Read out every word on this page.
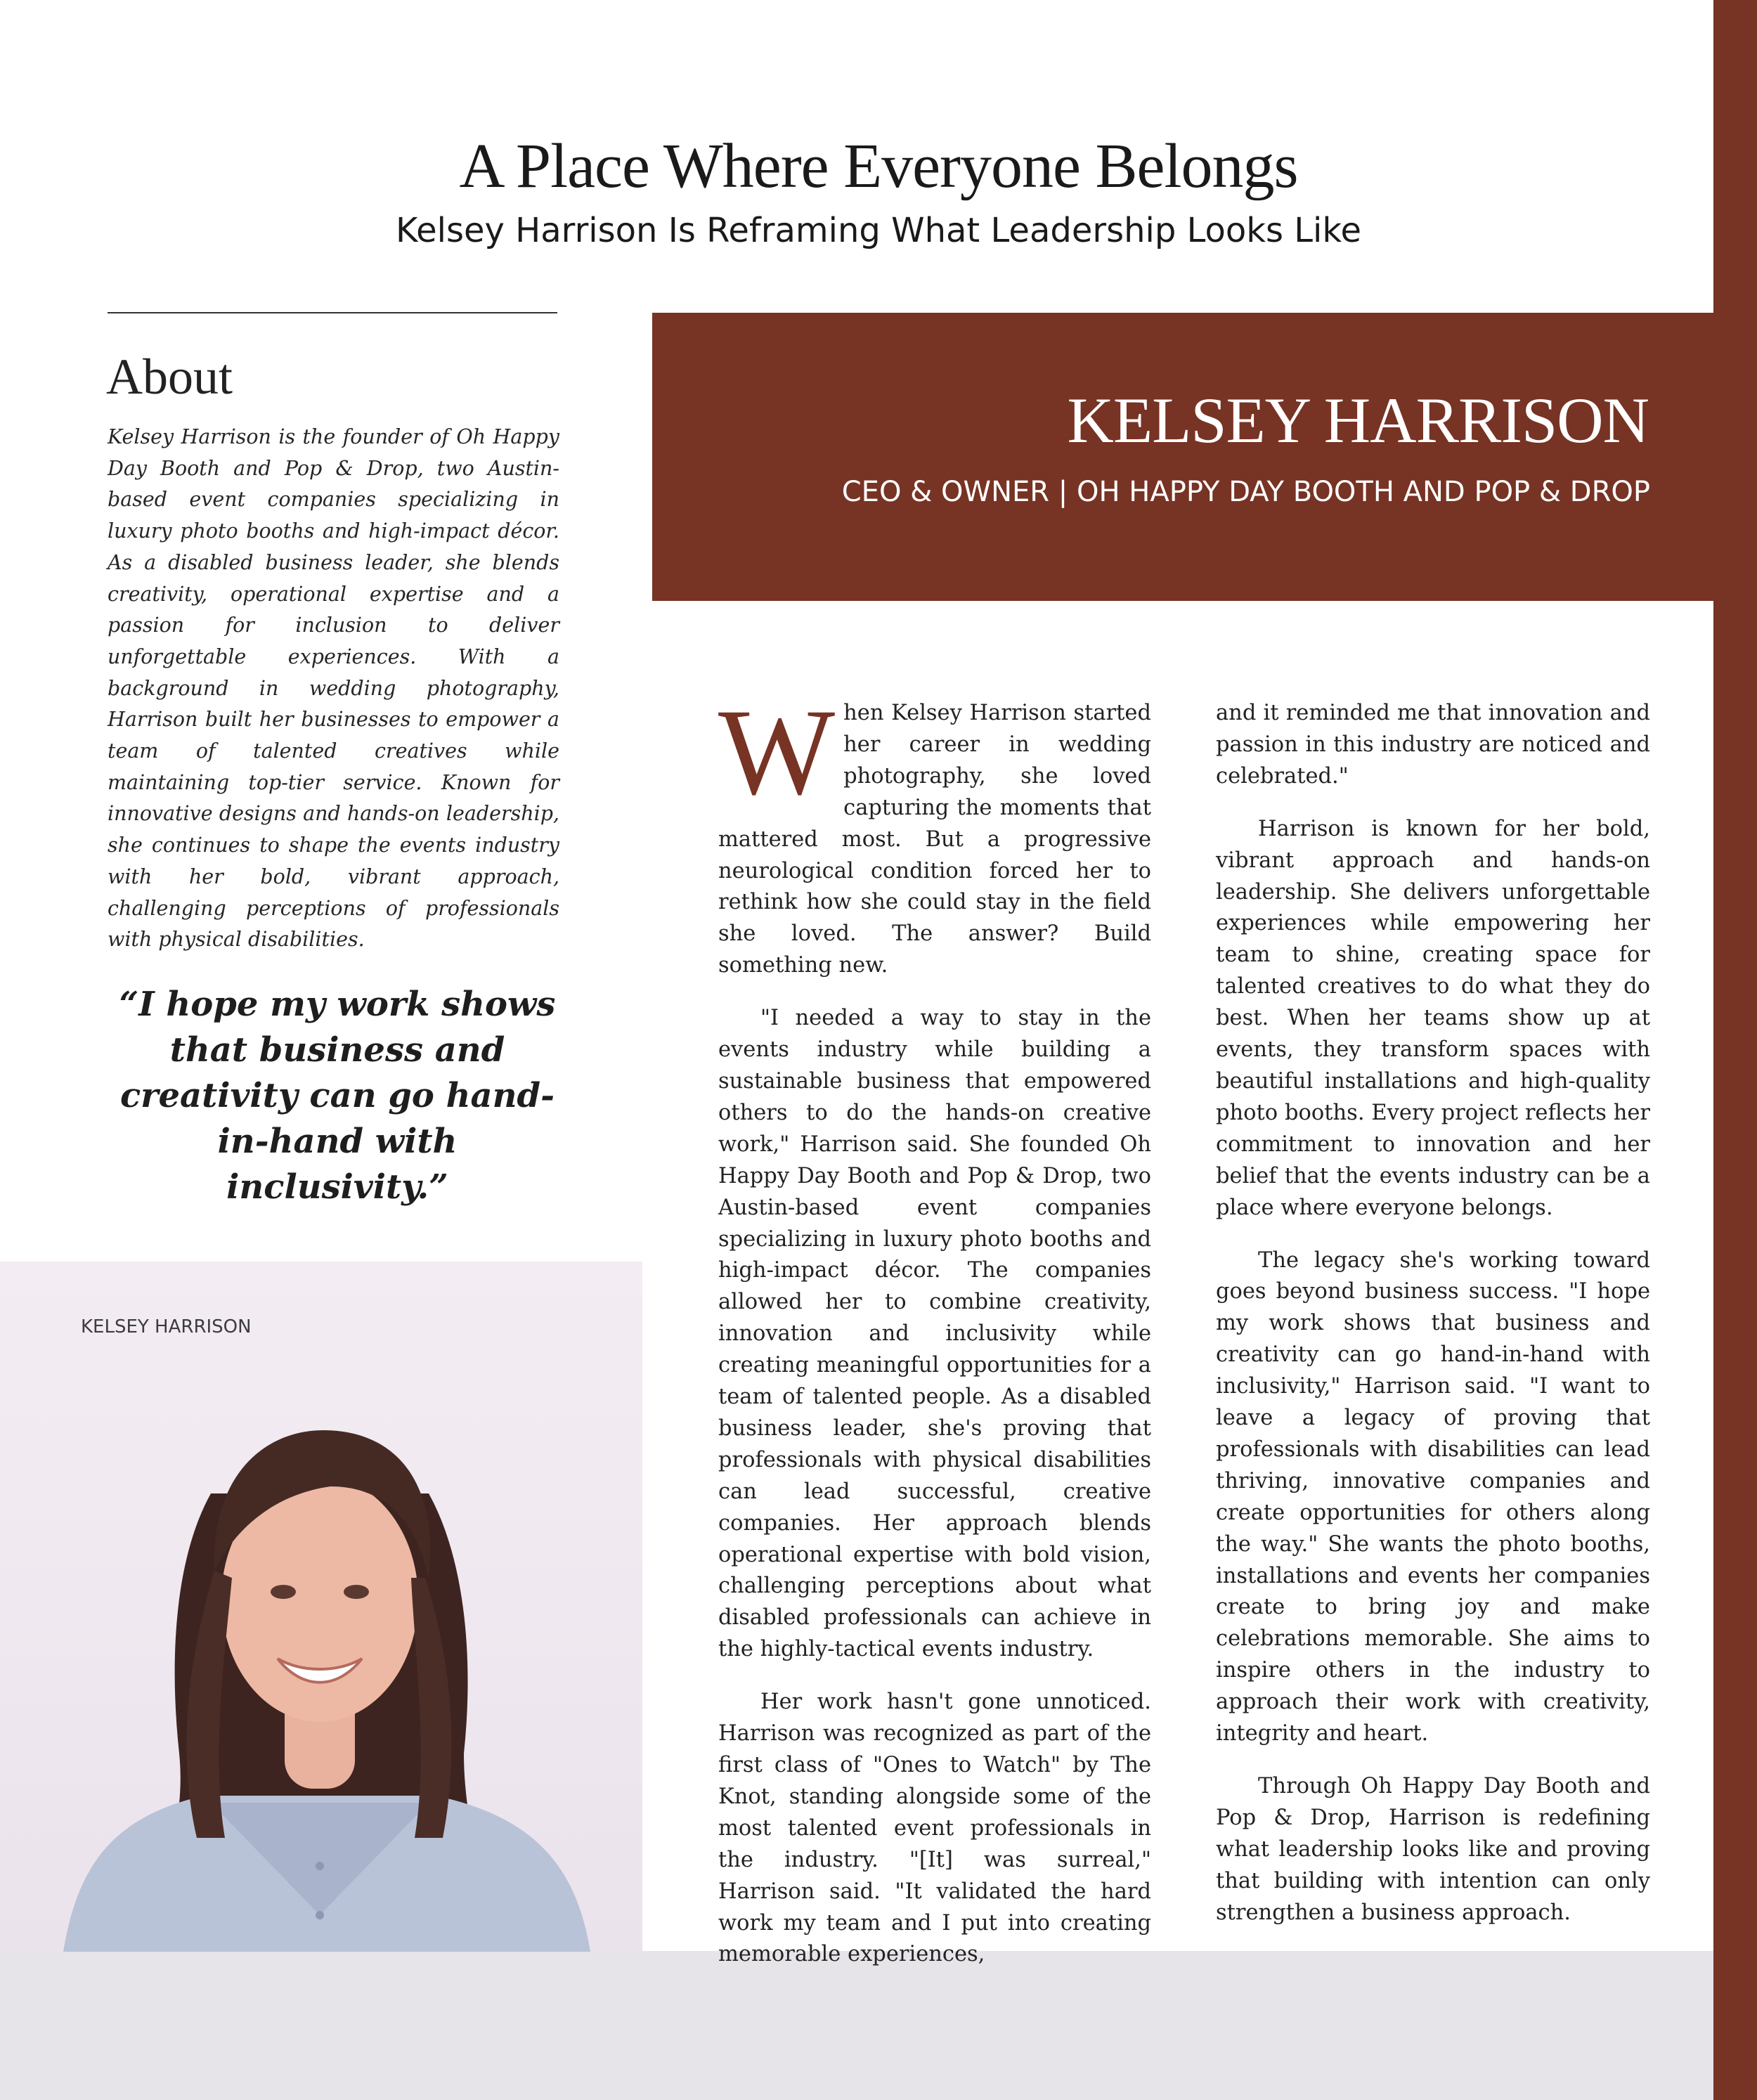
A Place Where Everyone Belongs
Kelsey Harrison Is Reframing What Leadership Looks Like
About

Kelsey Harrison is the founder of Oh Happy Day Booth and Pop & Drop, two Austin-based event companies specializing in luxury photo booths and high-impact décor. As a disabled business leader, she blends creativity, operational expertise and a passion for inclusion to deliver unforgettable experiences. With a background in wedding photography, Harrison built her businesses to empower a team of talented creatives while maintaining top-tier service. Known for innovative designs and hands-on leadership, she continues to shape the events industry with her bold, vibrant approach, challenging perceptions of professionals with physical disabilities.

“I hope my work shows that business and creativity can go hand-in-hand with inclusivity.”

KELSEY HARRISON
KELSEY HARRISON
CEO & OWNER | OH HAPPY DAY BOOTH AND POP & DROP

When Kelsey Harrison started her career in wedding photography, she loved capturing the moments that mattered most. But a progressive neurological condition forced her to rethink how she could stay in the field she loved. The answer? Build something new.

"I needed a way to stay in the events industry while building a sustainable business that empowered others to do the hands-on creative work," Harrison said. She founded Oh Happy Day Booth and Pop & Drop, two Austin-based event companies specializing in luxury photo booths and high-impact décor. The companies allowed her to combine creativity, innovation and inclusivity while creating meaningful opportunities for a team of talented people. As a disabled business leader, she's proving that professionals with physical disabilities can lead successful, creative companies. Her approach blends operational expertise with bold vision, challenging perceptions about what disabled professionals can achieve in the highly-tactical events industry.

Her work hasn't gone unnoticed. Harrison was recognized as part of the first class of "Ones to Watch" by The Knot, standing alongside some of the most talented event professionals in the industry. "[It] was surreal," Harrison said. "It validated the hard work my team and I put into creating memorable experiences,

and it reminded me that innovation and passion in this industry are noticed and celebrated."

Harrison is known for her bold, vibrant approach and hands-on leadership. She delivers unforgettable experiences while empowering her team to shine, creating space for talented creatives to do what they do best. When her teams show up at events, they transform spaces with beautiful installations and high-quality photo booths. Every project reflects her commitment to innovation and her belief that the events industry can be a place where everyone belongs.

The legacy she's working toward goes beyond business success. "I hope my work shows that business and creativity can go hand-in-hand with inclusivity," Harrison said. "I want to leave a legacy of proving that professionals with disabilities can lead thriving, innovative companies and create opportunities for others along the way." She wants the photo booths, installations and events her companies create to bring joy and make celebrations memorable. She aims to inspire others in the industry to approach their work with creativity, integrity and heart.

Through Oh Happy Day Booth and Pop & Drop, Harrison is redefining what leadership looks like and proving that building with intention can only strengthen a business approach.
